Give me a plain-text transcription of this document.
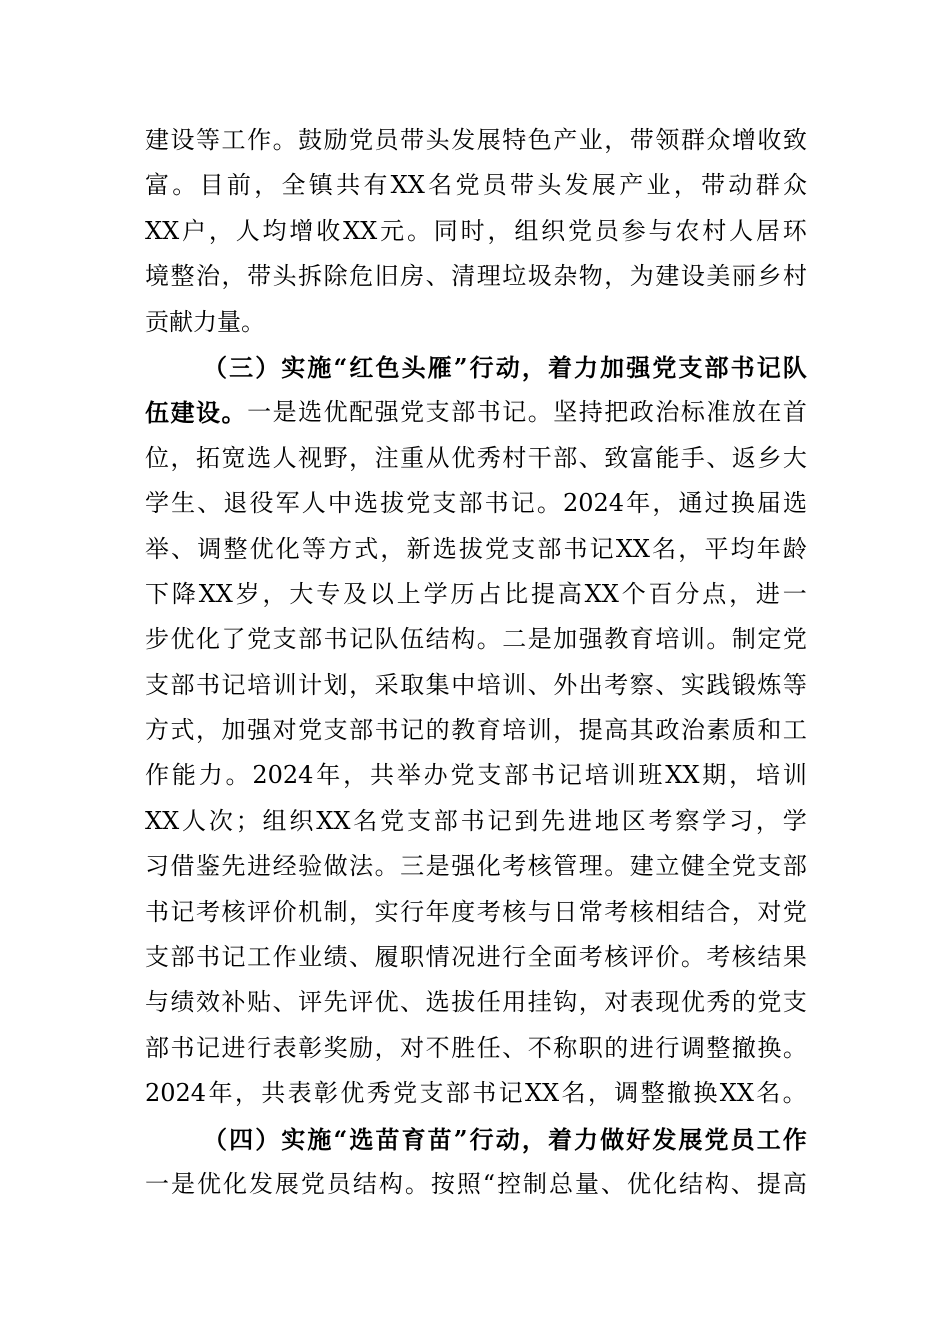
建 设 等 工 作 。 鼓 励 党 员 带 头 发 展 特 色 产 业 ， 带 领 群 众 增 收 致
富 。 目 前 ， 全 镇 共 有 XX 名 党 员 带 头 发 展 产 业 ， 带 动 群 众
XX 户 ， 人 均 增 收 XX 元 。 同 时 ， 组 织 党 员 参 与 农 村 人 居 环
境 整 治 ， 带 头 拆 除 危 旧 房 、 清 理 垃 圾 杂 物 ， 为 建 设 美 丽 乡 村
贡献力量。
（ 三 ） 实 施 “ 红 色 头 雁 ” 行 动 ， 着 力 加 强 党 支 部 书 记 队
伍 建 设 。 一 是 选 优 配 强 党 支 部 书 记 。 坚 持 把 政 治 标 准 放 在 首
位 ， 拓 宽 选 人 视 野 ， 注 重 从 优 秀 村 干 部 、 致 富 能 手 、 返 乡 大
学 生 、 退 役 军 人 中 选 拔 党 支 部 书 记 。 2024 年 ， 通 过 换 届 选
举 、 调 整 优 化 等 方 式 ， 新 选 拔 党 支 部 书 记 XX 名 ， 平 均 年 龄
下 降 XX 岁 ， 大 专 及 以 上 学 历 占 比 提 高 XX 个 百 分 点 ， 进 一
步 优 化 了 党 支 部 书 记 队 伍 结 构 。 二 是 加 强 教 育 培 训 。 制 定 党
支 部 书 记 培 训 计 划 ， 采 取 集 中 培 训 、 外 出 考 察 、 实 践 锻 炼 等
方 式 ， 加 强 对 党 支 部 书 记 的 教 育 培 训 ， 提 高 其 政 治 素 质 和 工
作 能 力 。 2024 年 ， 共 举 办 党 支 部 书 记 培 训 班 XX 期 ， 培 训
XX 人 次 ； 组 织 XX 名 党 支 部 书 记 到 先 进 地 区 考 察 学 习 ， 学
习 借 鉴 先 进 经 验 做 法 。 三 是 强 化 考 核 管 理 。 建 立 健 全 党 支 部
书 记 考 核 评 价 机 制 ， 实 行 年 度 考 核 与 日 常 考 核 相 结 合 ， 对 党
支 部 书 记 工 作 业 绩 、 履 职 情 况 进 行 全 面 考 核 评 价 。 考 核 结 果
与 绩 效 补 贴 、 评 先 评 优 、 选 拔 任 用 挂 钩 ， 对 表 现 优 秀 的 党 支
部 书 记 进 行 表 彰 奖 励 ， 对 不 胜 任 、 不 称 职 的 进 行 调 整 撤 换 。
2024 年 ， 共 表 彰 优 秀 党 支 部 书 记 XX 名 ， 调 整 撤 换 XX 名 。
（ 四 ） 实 施 “ 选 苗 育 苗 ” 行 动 ， 着 力 做 好 发 展 党 员 工 作
一 是 优 化 发 展 党 员 结 构 。 按 照 “ 控 制 总 量 、 优 化 结 构 、 提 高
